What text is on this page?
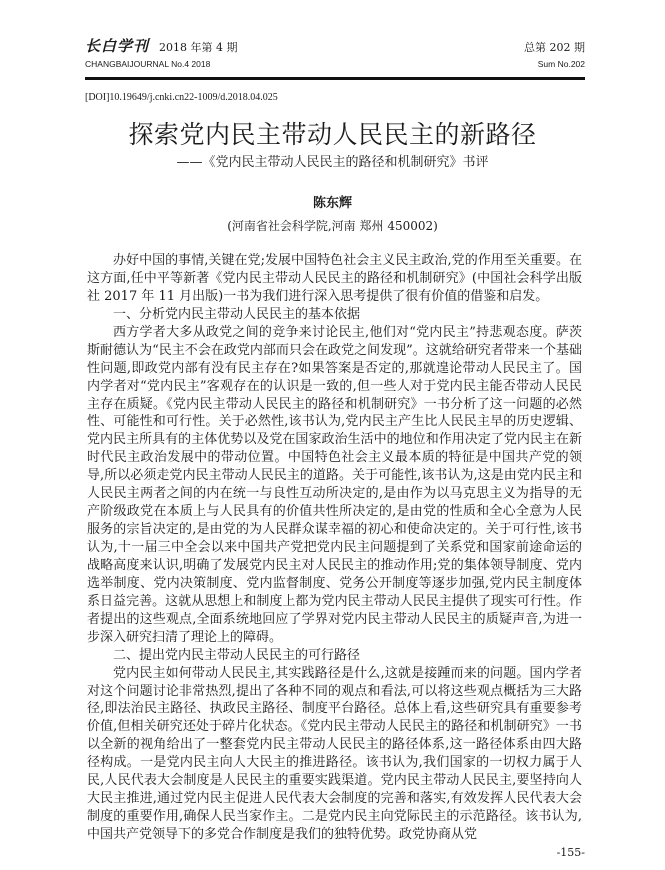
长白学刊 2018 年第 4 期	总第 202 期
CHANGBAIJOURNAL No.4 2018	Sum No.202
[DOI]10.19649/j.cnki.cn22-1009/d.2018.04.025
探索党内民主带动人民民主的新路径
——《党内民主带动人民民主的路径和机制研究》书评
陈东辉
(河南省社会科学院,河南 郑州 450002)

办好中国的事情,关键在党;发展中国特色社会主义民主政治,党的作用至关重要。在这方面,任中平等新著《党内民主带动人民民主的路径和机制研究》(中国社会科学出版社 2017 年 11 月出版)一书为我们进行深入思考提供了很有价值的借鉴和启发。

一、分析党内民主带动人民民主的基本依据

西方学者大多从政党之间的竞争来讨论民主,他们对“党内民主”持悲观态度。萨茨斯耐德认为“民主不会在政党内部而只会在政党之间发现”。这就给研究者带来一个基础性问题,即政党内部有没有民主存在?如果答案是否定的,那就遑论带动人民民主了。国内学者对“党内民主”客观存在的认识是一致的,但一些人对于党内民主能否带动人民民主存在质疑。《党内民主带动人民民主的路径和机制研究》一书分析了这一问题的必然性、可能性和可行性。关于必然性,该书认为,党内民主产生比人民民主早的历史逻辑、党内民主所具有的主体优势以及党在国家政治生活中的地位和作用决定了党内民主在新时代民主政治发展中的带动位置。中国特色社会主义最本质的特征是中国共产党的领导,所以必须走党内民主带动人民民主的道路。关于可能性,该书认为,这是由党内民主和人民民主两者之间的内在统一与良性互动所决定的,是由作为以马克思主义为指导的无产阶级政党在本质上与人民具有的价值共性所决定的,是由党的性质和全心全意为人民服务的宗旨决定的,是由党的为人民群众谋幸福的初心和使命决定的。关于可行性,该书认为,十一届三中全会以来中国共产党把党内民主问题提到了关系党和国家前途命运的战略高度来认识,明确了发展党内民主对人民民主的推动作用;党的集体领导制度、党内选举制度、党内决策制度、党内监督制度、党务公开制度等逐步加强,党内民主制度体系日益完善。这就从思想上和制度上都为党内民主带动人民民主提供了现实可行性。作者提出的这些观点,全面系统地回应了学界对党内民主带动人民民主的质疑声音,为进一步深入研究扫清了理论上的障碍。

二、提出党内民主带动人民民主的可行路径

党内民主如何带动人民民主,其实践路径是什么,这就是接踵而来的问题。国内学者对这个问题讨论非常热烈,提出了各种不同的观点和看法,可以将这些观点概括为三大路径,即法治民主路径、执政民主路径、制度平台路径。总体上看,这些研究具有重要参考价值,但相关研究还处于碎片化状态。《党内民主带动人民民主的路径和机制研究》一书以全新的视角给出了一整套党内民主带动人民民主的路径体系,这一路径体系由四大路径构成。一是党内民主向人大民主的推进路径。该书认为,我们国家的一切权力属于人民,人民代表大会制度是人民民主的重要实践渠道。党内民主带动人民民主,要坚持向人大民主推进,通过党内民主促进人民代表大会制度的完善和落实,有效发挥人民代表大会制度的重要作用,确保人民当家作主。二是党内民主向党际民主的示范路径。该书认为,中国共产党领导下的多党合作制度是我们的独特优势。政党协商从党

-155-
